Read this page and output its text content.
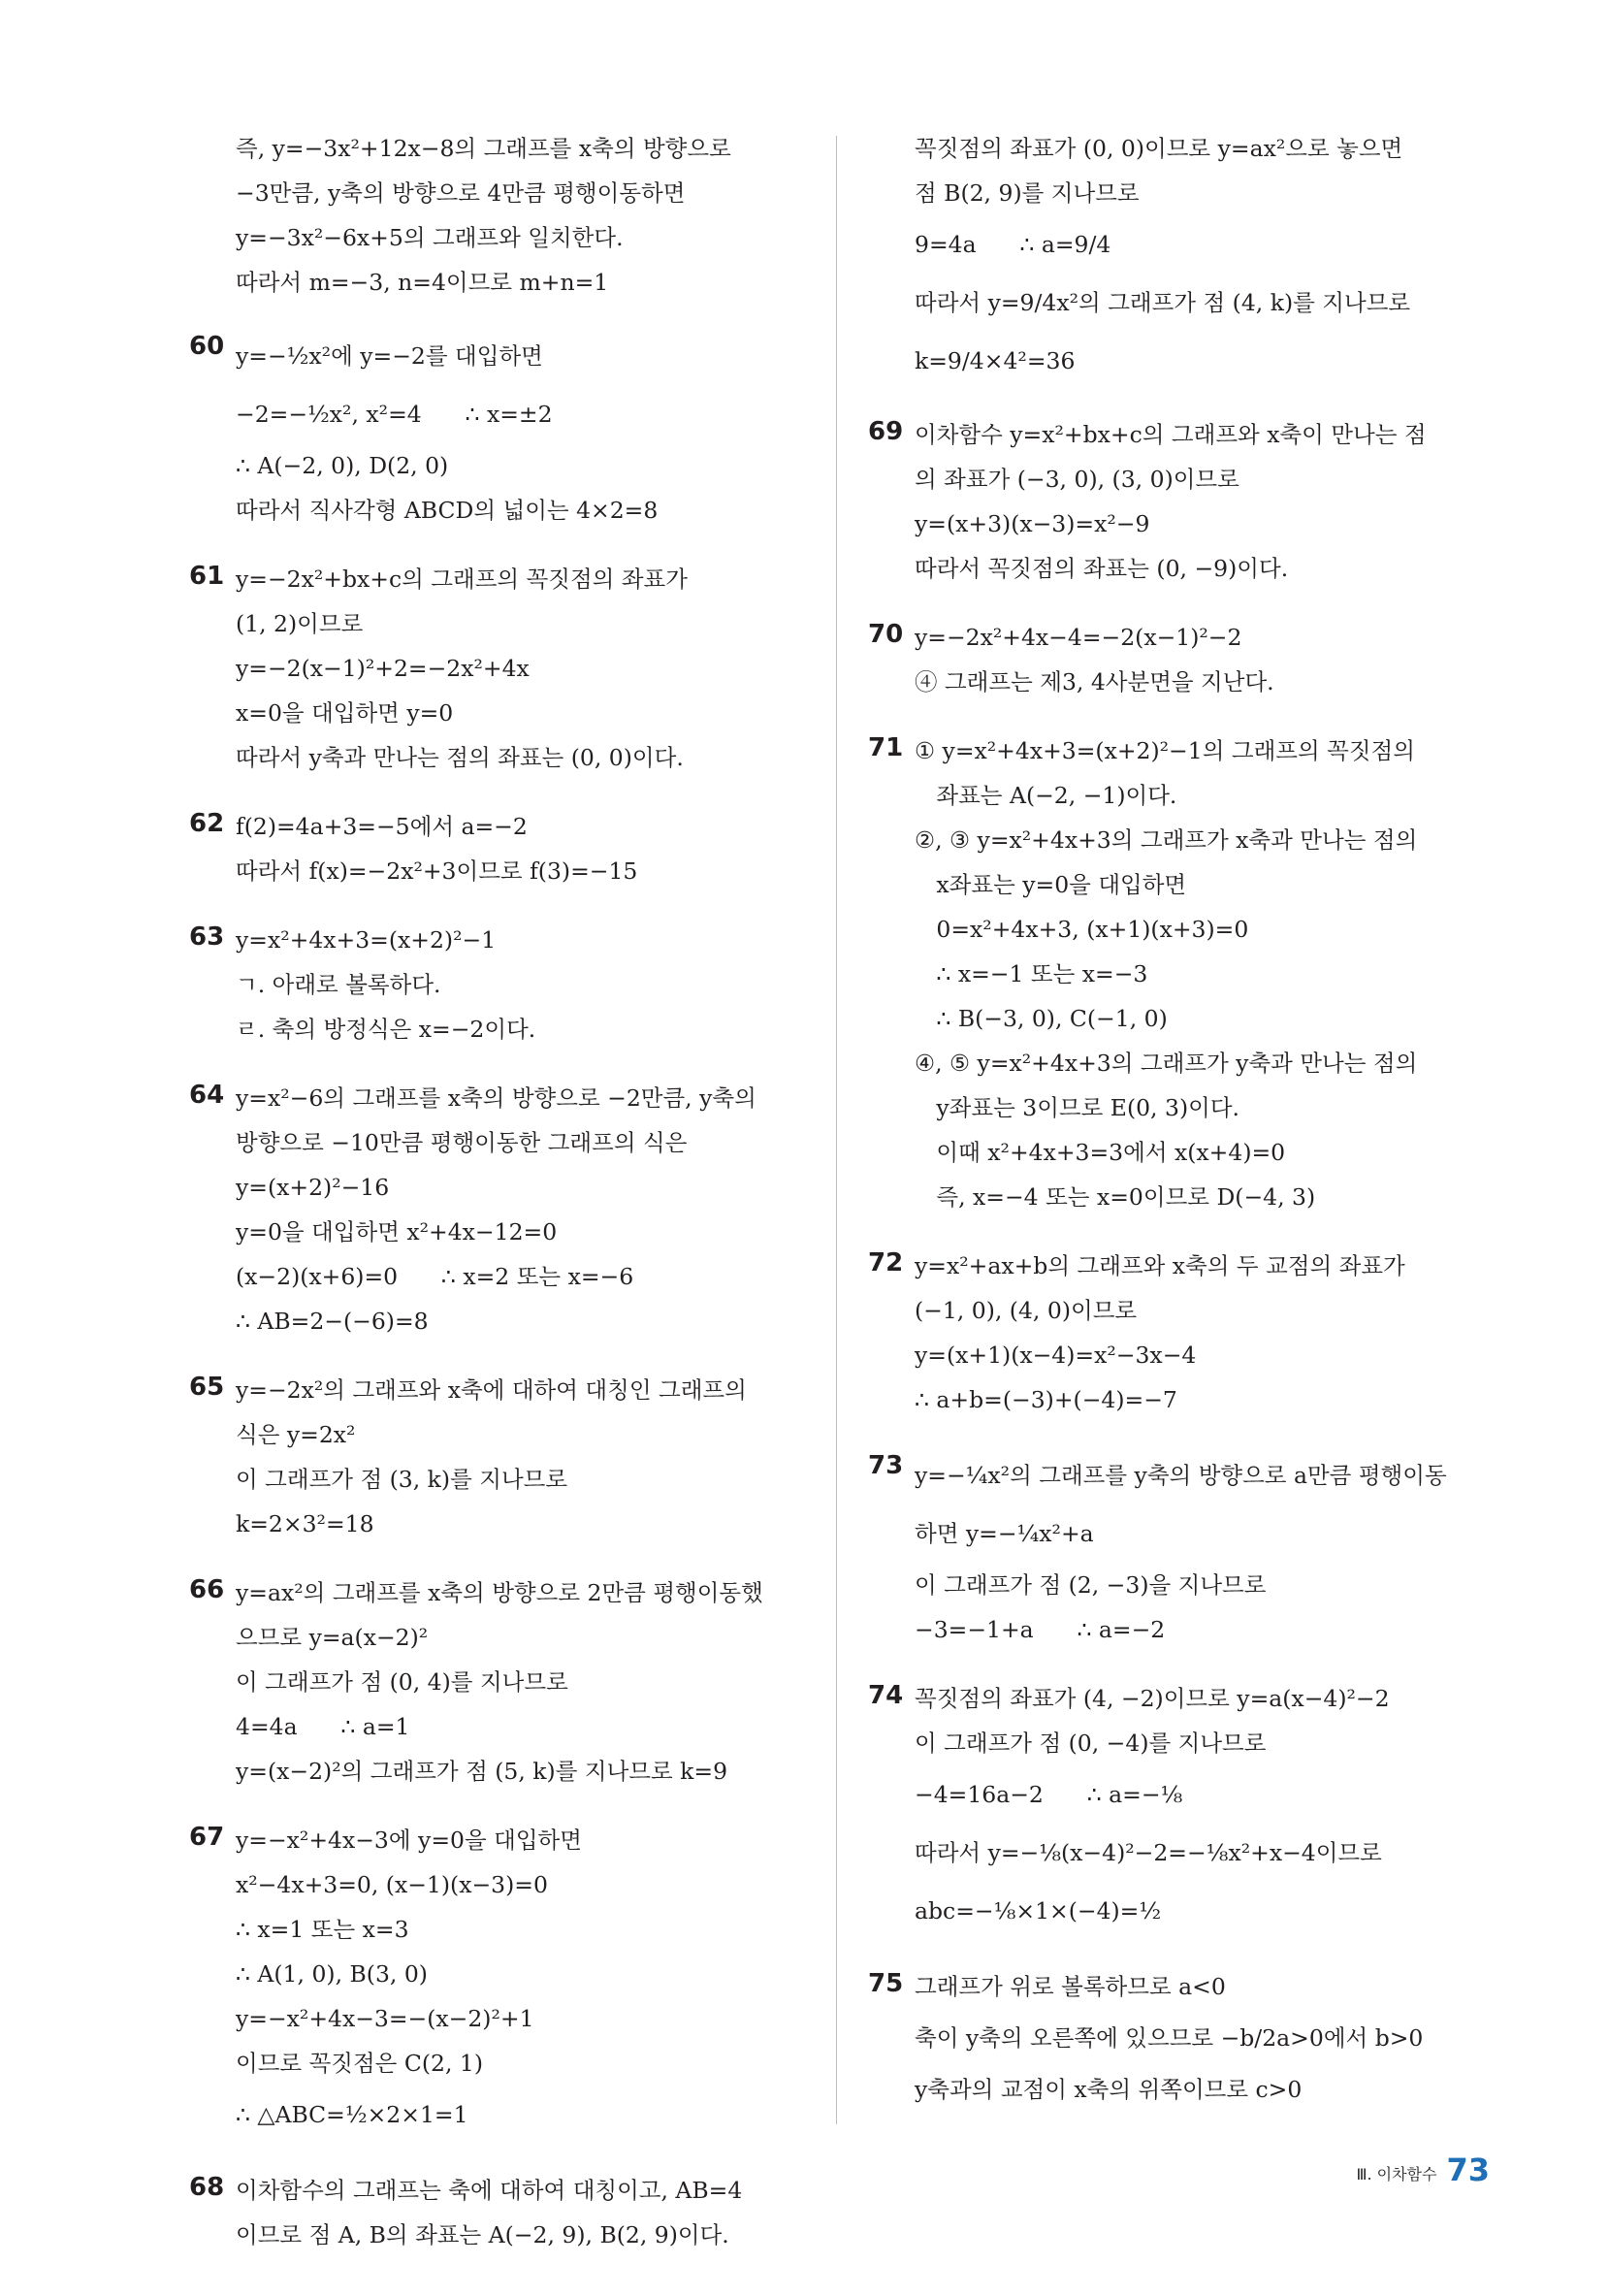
즉, y=−3x²+12x−8의 그래프를 x축의 방향으로
−3만큼, y축의 방향으로 4만큼 평행이동하면
y=−3x²−6x+5의 그래프와 일치한다.
따라서 m=−3, n=4이므로 m+n=1
60 y=−½x²에 y=−2를 대입하면
−2=−½x², x²=4      ∴ x=±2
∴ A(−2, 0), D(2, 0)
따라서 직사각형 ABCD의 넓이는 4×2=8
61 y=−2x²+bx+c의 그래프의 꼭짓점의 좌표가
(1, 2)이므로
y=−2(x−1)²+2=−2x²+4x
x=0을 대입하면 y=0
따라서 y축과 만나는 점의 좌표는 (0, 0)이다.
62 f(2)=4a+3=−5에서 a=−2
따라서 f(x)=−2x²+3이므로 f(3)=−15
63 y=x²+4x+3=(x+2)²−1
ㄱ. 아래로 볼록하다.
ㄹ. 축의 방정식은 x=−2이다.
64 y=x²−6의 그래프를 x축의 방향으로 −2만큼, y축의
방향으로 −10만큼 평행이동한 그래프의 식은
y=(x+2)²−16
y=0을 대입하면 x²+4x−12=0
(x−2)(x+6)=0      ∴ x=2 또는 x=−6
∴ AB=2−(−6)=8
65 y=−2x²의 그래프와 x축에 대하여 대칭인 그래프의
식은 y=2x²
이 그래프가 점 (3, k)를 지나므로
k=2×3²=18
66 y=ax²의 그래프를 x축의 방향으로 2만큼 평행이동했
으므로 y=a(x−2)²
이 그래프가 점 (0, 4)를 지나므로
4=4a      ∴ a=1
y=(x−2)²의 그래프가 점 (5, k)를 지나므로 k=9
67 y=−x²+4x−3에 y=0을 대입하면
x²−4x+3=0, (x−1)(x−3)=0
∴ x=1 또는 x=3
∴ A(1, 0), B(3, 0)
y=−x²+4x−3=−(x−2)²+1
이므로 꼭짓점은 C(2, 1)
∴ △ABC=½×2×1=1
68 이차함수의 그래프는 축에 대하여 대칭이고, AB=4
이므로 점 A, B의 좌표는 A(−2, 9), B(2, 9)이다.
꼭짓점의 좌표가 (0, 0)이므로 y=ax²으로 놓으면
점 B(2, 9)를 지나므로
9=4a      ∴ a=9/4
따라서 y=9/4x²의 그래프가 점 (4, k)를 지나므로
k=9/4×4²=36
69 이차함수 y=x²+bx+c의 그래프와 x축이 만나는 점
의 좌표가 (−3, 0), (3, 0)이므로
y=(x+3)(x−3)=x²−9
따라서 꼭짓점의 좌표는 (0, −9)이다.
70 y=−2x²+4x−4=−2(x−1)²−2
④ 그래프는 제3, 4사분면을 지난다.
71 ① y=x²+4x+3=(x+2)²−1의 그래프의 꼭짓점의
좌표는 A(−2, −1)이다.
②, ③ y=x²+4x+3의 그래프가 x축과 만나는 점의
x좌표는 y=0을 대입하면
0=x²+4x+3, (x+1)(x+3)=0
∴ x=−1 또는 x=−3
∴ B(−3, 0), C(−1, 0)
④, ⑤ y=x²+4x+3의 그래프가 y축과 만나는 점의
y좌표는 3이므로 E(0, 3)이다.
이때 x²+4x+3=3에서 x(x+4)=0
즉, x=−4 또는 x=0이므로 D(−4, 3)
72 y=x²+ax+b의 그래프와 x축의 두 교점의 좌표가
(−1, 0), (4, 0)이므로
y=(x+1)(x−4)=x²−3x−4
∴ a+b=(−3)+(−4)=−7
73 y=−¼x²의 그래프를 y축의 방향으로 a만큼 평행이동
하면 y=−¼x²+a
이 그래프가 점 (2, −3)을 지나므로
−3=−1+a      ∴ a=−2
74 꼭짓점의 좌표가 (4, −2)이므로 y=a(x−4)²−2
이 그래프가 점 (0, −4)를 지나므로
−4=16a−2      ∴ a=−⅛
따라서 y=−⅛(x−4)²−2=−⅛x²+x−4이므로
abc=−⅛×1×(−4)=½
75 그래프가 위로 볼록하므로 a<0
축이 y축의 오른쪽에 있으므로 −b/2a>0에서 b>0
y축과의 교점이 x축의 위쪽이므로 c>0
Ⅲ. 이차함수 73
